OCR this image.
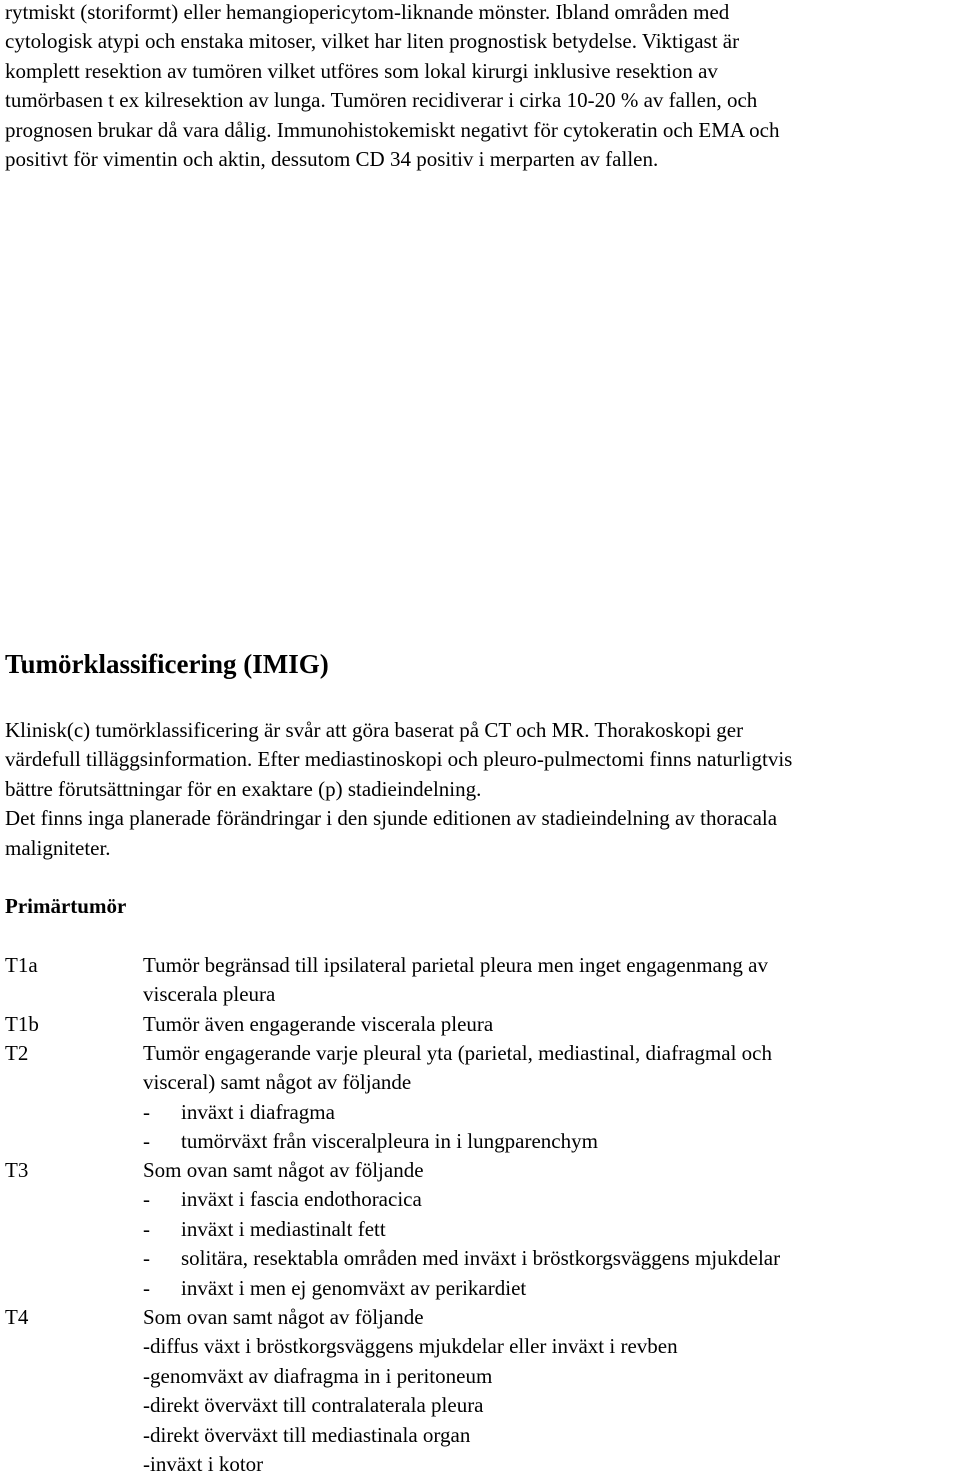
rytmiskt (storiformt) eller hemangiopericytom-liknande mönster. Ibland områden med
cytologisk atypi och enstaka mitoser, vilket har liten prognostisk betydelse. Viktigast är
komplett resektion av tumören vilket utföres som lokal kirurgi inklusive resektion av
tumörbasen t ex kilresektion av lunga. Tumören recidiverar i cirka 10-20 % av fallen, och
prognosen brukar då vara dålig. Immunohistokemiskt negativt för cytokeratin och EMA och
positivt för vimentin och aktin, dessutom CD 34 positiv i merparten av fallen.

Tumörklassificering (IMIG)

Klinisk(c) tumörklassificering är svår att göra baserat på CT och MR. Thorakoskopi ger
värdefull tilläggsinformation. Efter mediastinoskopi och pleuro-pulmectomi finns naturligtvis
bättre förutsättningar för en exaktare (p) stadieindelning.
Det finns inga planerade förändringar i den sjunde editionen av stadieindelning av thoracala
maligniteter.

Primärtumör
T1a	Tumör begränsad till ipsilateral parietal pleura men inget engagenmang av
viscerala pleura
T1b	Tumör även engagerande viscerala pleura
T2	Tumör engagerande varje pleural yta (parietal, mediastinal, diafragmal och
visceral) samt något av följande
- inväxt i diafragma
- tumörväxt från visceralpleura in i lungparenchym
T3	Som ovan samt något av följande
- inväxt i fascia endothoracica
- inväxt i mediastinalt fett
- solitära, resektabla områden med inväxt i bröstkorgsväggens mjukdelar
- inväxt i men ej genomväxt av perikardiet
T4	Som ovan samt något av följande
-diffus växt i bröstkorgsväggens mjukdelar eller inväxt i revben
-genomväxt av diafragma in i peritoneum
-direkt överväxt till contralaterala pleura
-direkt överväxt till mediastinala organ
-inväxt i kotor
